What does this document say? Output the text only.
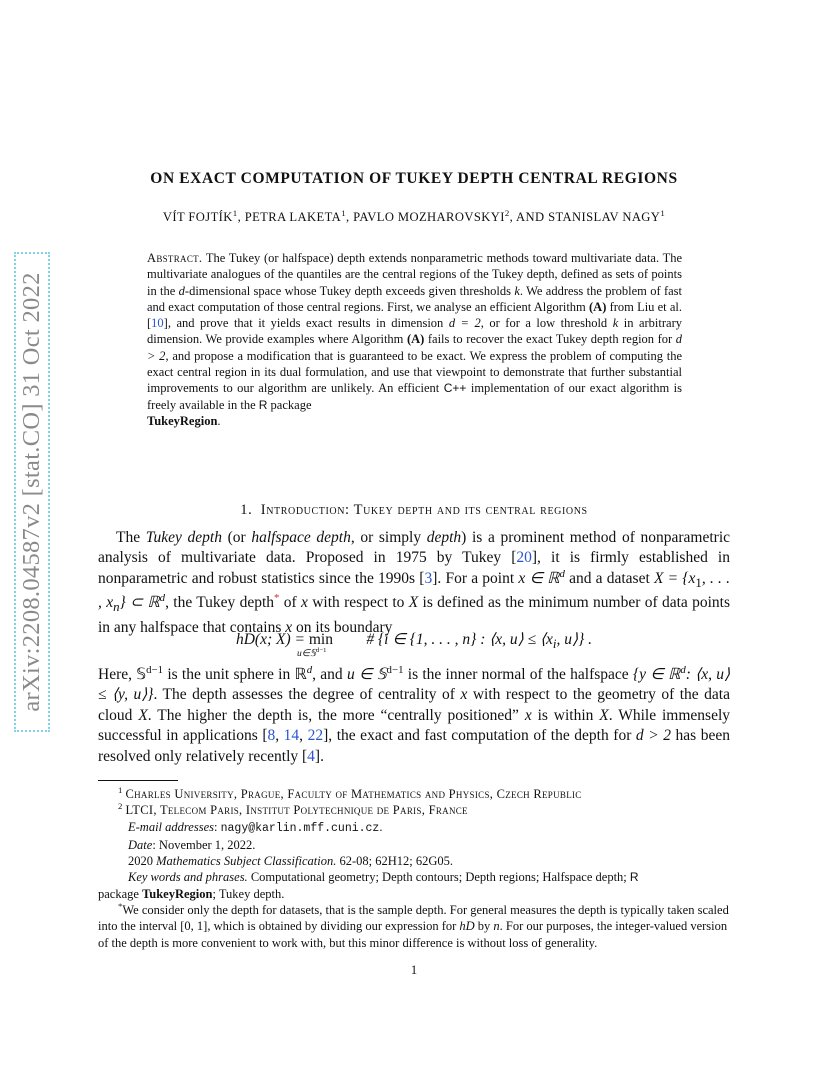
arXiv:2208.04587v2 [stat.CO] 31 Oct 2022
ON EXACT COMPUTATION OF TUKEY DEPTH CENTRAL REGIONS
VÍT FOJTÍK$^1$, PETRA LAKETA$^1$, PAVLO MOZHAROVSKYI$^2$, AND STANISLAV NAGY$^1$
Abstract. The Tukey (or halfspace) depth extends nonparametric methods toward multivariate data. The multivariate analogues of the quantiles are the central regions of the Tukey depth, defined as sets of points in the d-dimensional space whose Tukey depth exceeds given thresholds k. We address the problem of fast and exact computation of those central regions. First, we analyse an efficient Algorithm (A) from Liu et al. [10], and prove that it yields exact results in dimension d = 2, or for a low threshold k in arbitrary dimension. We provide examples where Algorithm (A) fails to recover the exact Tukey depth region for d > 2, and propose a modification that is guaranteed to be exact. We express the problem of computing the exact central region in its dual formulation, and use that viewpoint to demonstrate that further substantial improvements to our algorithm are unlikely. An efficient C++ implementation of our exact algorithm is freely available in the R package
TukeyRegion.
1. Introduction: Tukey depth and its central regions
The Tukey depth (or halfspace depth, or simply depth) is a prominent method of nonparametric analysis of multivariate data. Proposed in 1975 by Tukey [20], it is firmly established in nonparametric and robust statistics since the 1990s [3]. For a point x ∈ ℝ$^d$ and a dataset $X = \{x_1$, . . . , $x_n$} ⊂ ℝ$^d$, the Tukey depth* of x with respect to X is defined as the minimum number of data points in any halfspace that contains x on its boundary
hD(x; $X) = \min_{u\in 𝕊^{d-1}}$ # {i ∈ {1, . . . , n} : ⟨x, u⟩ ≤ $⟨x_i$, u⟩} .
Here, 𝕊$^{d-1}$ is the unit sphere in ℝ$^d$, and u ∈ 𝕊$^{d-1}$ is the inner normal of the halfspace {y ∈ ℝ$^d$: ⟨x, u⟩ ≤ ⟨y, u⟩}. The depth assesses the degree of centrality of x with respect to the geometry of the data cloud X. The higher the depth is, the more “centrally positioned” x is within X. While immensely successful in applications [8, 14, 22], the exact and fast computation of the depth for d > 2 has been resolved only relatively recently [4].
$^1$ Charles University, Prague, Faculty of Mathematics and Physics, Czech Republic
$^2$ LTCI, Telecom Paris, Institut Polytechnique de Paris, France
E-mail addresses: nagy@karlin.mff.cuni.cz.
Date: November 1, 2022.
2020 Mathematics Subject Classification. 62-08; 62H12; 62G05.
Key words and phrases. Computational geometry; Depth contours; Depth regions; Halfspace depth; R
package TukeyRegion; Tukey depth.
*We consider only the depth for datasets, that is the sample depth. For general measures the depth is typically taken scaled into the interval [0, 1], which is obtained by dividing our expression for hD by n. For our purposes, the integer-valued version of the depth is more convenient to work with, but this minor difference is without loss of generality.
1
